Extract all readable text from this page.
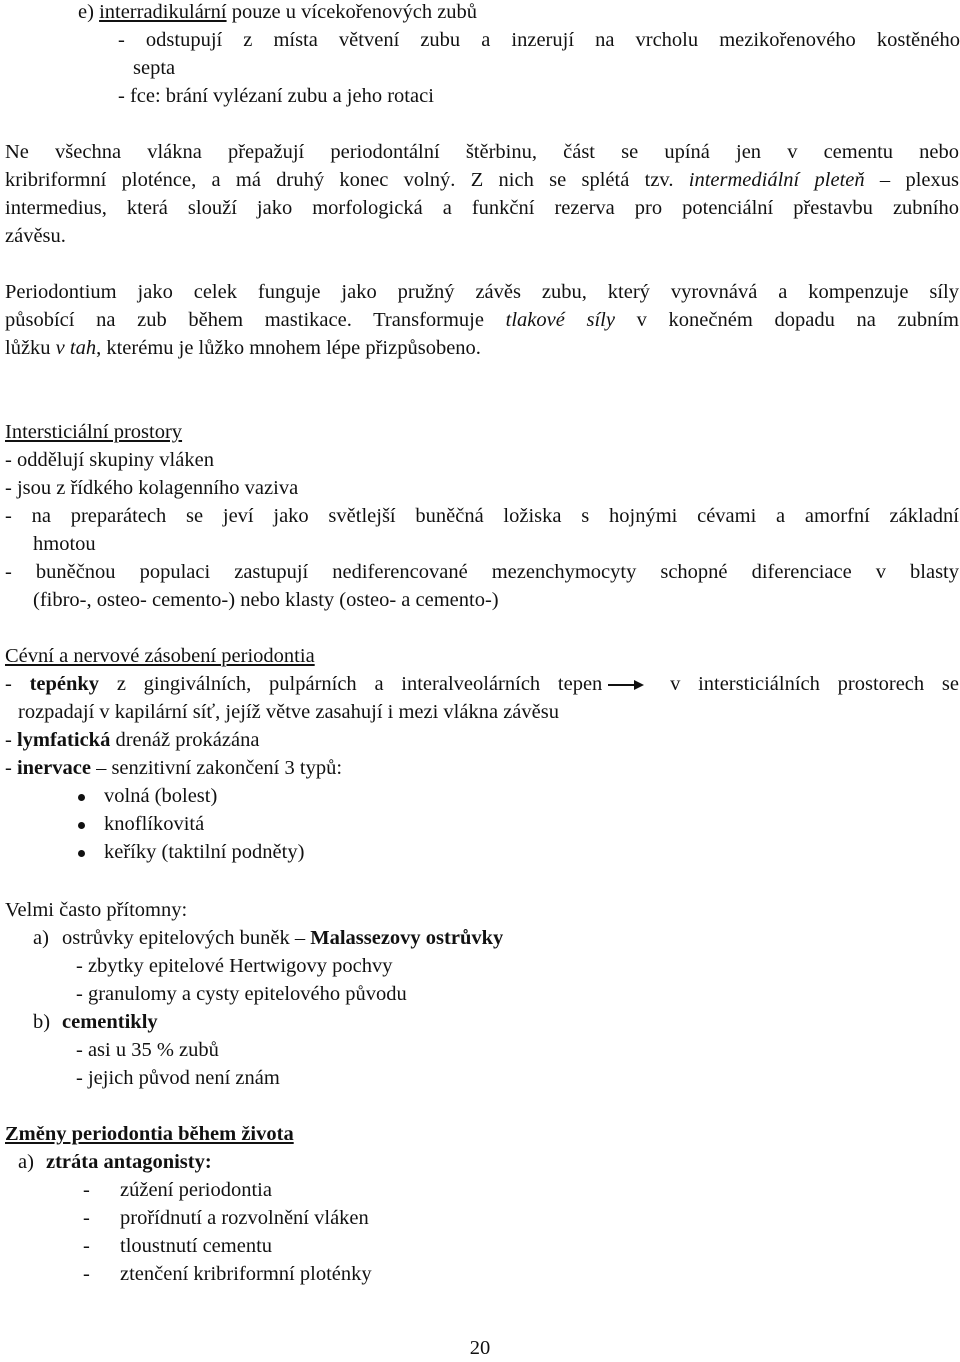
e) interradikulární pouze u vícekořenových zubů
- odstupují z místa větvení zubu a inzerují na vrcholu mezikořenového kostěného
septa
- fce: brání vylézaní zubu a jeho rotaci
Ne všechna vlákna přepažují periodontální štěrbinu, část se upíná jen v cementu nebo
kribriformní ploténce, a má druhý konec volný. Z nich se splétá tzv. intermediální pleteň – plexus
intermedius, která slouží jako morfologická a funkční rezerva pro potenciální přestavbu zubního
závěsu.
Periodontium jako celek funguje jako pružný závěs zubu, který vyrovnává a kompenzuje síly
působící na zub během mastikace. Transformuje tlakové síly v konečném dopadu na zubním
lůžku v tah, kterému je lůžko mnohem lépe přizpůsobeno.
Intersticiální prostory
- oddělují skupiny vláken
- jsou z řídkého kolagenního vaziva
- na preparátech se jeví jako světlejší buněčná ložiska s hojnými cévami a amorfní základní
hmotou
- buněčnou populaci zastupují nediferencované mezenchymocyty schopné diferenciace v blasty
(fibro-, osteo- cemento-) nebo klasty (osteo- a cemento-)
Cévní a nervové zásobení periodontia
- tepénky z gingiválních, pulpárních a interalveolárních tepen v intersticiálních prostorech se
rozpadají v kapilární síť, jejíž větve zasahují i mezi vlákna závěsu
- lymfatická drenáž prokázána
- inervace – senzitivní zakončení 3 typů:
volná (bolest)
knoflíkovitá
keříky (taktilní podněty)
Velmi často přítomny:
a) ostrůvky epitelových buněk – Malassezovy ostrůvky
- zbytky epitelové Hertwigovy pochvy
- granulomy a cysty epitelového původu
b) cementikly
- asi u 35 % zubů
- jejich původ není znám
Změny periodontia během života
a) ztráta antagonisty:
- zúžení periodontia
- prořídnutí a rozvolnění vláken
- tloustnutí cementu
- ztenčení kribriformní ploténky
20
